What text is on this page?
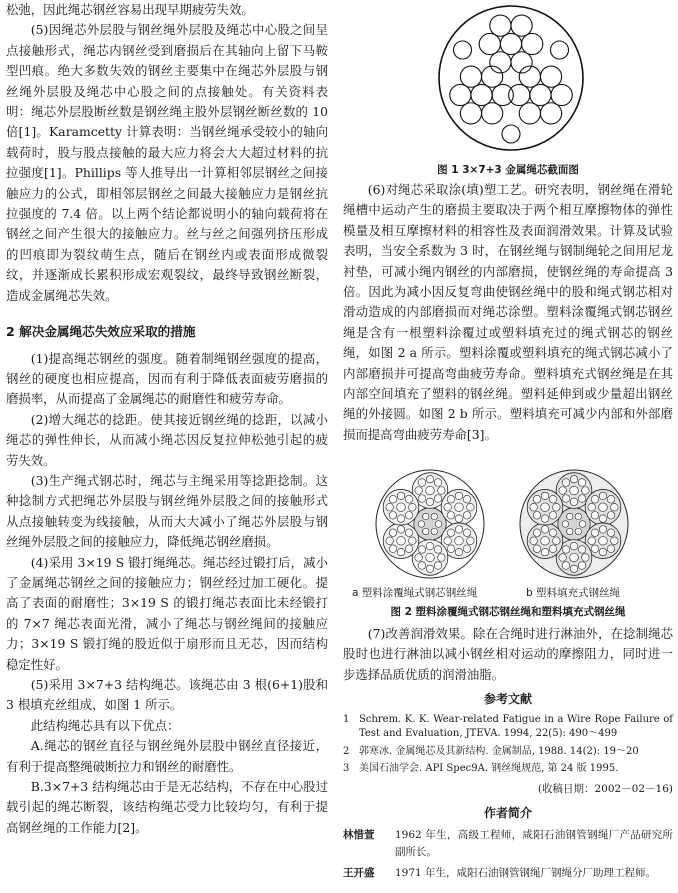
松弛，因此绳芯钢丝容易出现早期疲劳失效。

(5)因绳芯外层股与钢丝绳外层股及绳芯中心股之间呈点接触形式，绳芯内钢丝受到磨损后在其轴向上留下马鞍型凹痕。绝大多数失效的钢丝主要集中在绳芯外层股与钢丝绳外层股及绳芯中心股之间的点接触处。有关资料表明：绳芯外层股断丝数是钢丝绳主股外层钢丝断丝数的 10 倍[1]。Karamcetty 计算表明：当钢丝绳承受较小的轴向载荷时，股与股点接触的最大应力将会大大超过材料的抗拉强度[1]。Phillips 等人推导出一计算相邻层钢丝之间接触应力的公式，即相邻层钢丝之间最大接触应力是钢丝抗拉强度的 7.4 倍。以上两个结论都说明小的轴向载荷将在钢丝之间产生很大的接触应力。丝与丝之间强列挤压形成的凹痕即为裂纹萌生点，随后在钢丝内或表面形成微裂纹，并逐渐成长累积形成宏观裂纹，最终导致钢丝断裂，造成金属绳芯失效。

2 解决金属绳芯失效应采取的措施

(1)提高绳芯钢丝的强度。随着制绳钢丝强度的提高，钢丝的硬度也相应提高，因而有利于降低表面疲劳磨损的磨损率，从而提高了金属绳芯的耐磨性和疲劳寿命。

(2)增大绳芯的捻距。使其接近钢丝绳的捻距，以减小绳芯的弹性伸长，从而减小绳芯因反复拉伸松弛引起的疲劳失效。

(3)生产绳式钢芯时，绳芯与主绳采用等捻距捻制。这种捻制方式把绳芯外层股与钢丝绳外层股之间的接触形式从点接触转变为线接触，从而大大减小了绳芯外层股与钢丝绳外层股之间的接触应力，降低绳芯钢丝磨损。

(4)采用 3×19 S 锻打绳绳芯。绳芯经过锻打后，减小了金属绳芯钢丝之间的接触应力；钢丝经过加工硬化。提高了表面的耐磨性；3×19 S 的锻打绳芯表面比未经锻打的 7×7 绳芯表面光滑，减小了绳芯与钢丝绳间的接触应力；3×19 S 锻打绳的股近似于扇形而且无芯，因而结构稳定性好。

(5)采用 3×7+3 结构绳芯。该绳芯由 3 根(6+1)股和 3 根填充丝组成，如图 1 所示。

此结构绳芯具有以下优点：

A.绳芯的钢丝直径与钢丝绳外层股中钢丝直径接近，有利于提高整绳破断拉力和钢丝的耐磨性。

B.3×7+3 结构绳芯由于是无芯结构，不存在中心股过载引起的绳芯断裂，该结构绳芯受力比较均匀，有利于提高钢丝绳的工作能力[2]。

图 1 3×7+3 金属绳芯截面图

(6)对绳芯采取涂(填)塑工艺。研究表明，钢丝绳在滑轮绳槽中运动产生的磨损主要取决于两个相互摩擦物体的弹性模量及相互摩擦材料的相容性及表面润滑效果。计算及试验表明，当安全系数为 3 时，在钢丝绳与钢制绳轮之间用尼龙衬垫，可减小绳内钢丝的内部磨损，使钢丝绳的寿命提高 3 倍。因此为减小因反复弯曲使钢丝绳中的股和绳式钢芯相对滑动造成的内部磨损而对绳芯涂塑。塑料涂覆绳式钢芯钢丝绳是含有一根塑料涂覆过或塑料填充过的绳式钢芯的钢丝绳，如图 2 a 所示。塑料涂覆或塑料填充的绳式钢芯减小了内部磨损并可提高弯曲疲劳寿命。塑料填充式钢丝绳是在其内部空间填充了塑料的钢丝绳。塑料延伸到或少量超出钢丝绳的外接圆。如图 2 b 所示。塑料填充可减少内部和外部磨损而提高弯曲疲劳寿命[3]。

a 塑料涂覆绳式钢芯钢丝绳	b 塑料填充式钢丝绳
图 2 塑料涂覆绳式钢芯钢丝绳和塑料填充式钢丝绳

(7)改善润滑效果。除在合绳时进行淋油外，在捻制绳芯股时也进行淋油以减小钢丝相对运动的摩擦阻力，同时进一步选择品质优质的润滑油脂。

参考文献

1 Schrem. K. K. Wear-related Fatigue in a Wire Rope Failure of Test and Evaluation, JTEVA. 1994, 22(5): 490～499
2 郭寒冰. 金属绳芯及其新结构. 金属制品, 1988. 14(2): 19～20
3 美国石油学会. API Spec9A. 钢丝绳规范, 第 24 版 1995.

(收稿日期：2002－02－16)

作者简介

林惜萱	1962 年生，高级工程师，咸阳石油钢管钢绳厂产品研究所副所长。
王开盛	1971 年生，咸阳石油钢管钢绳厂钢绳分厂助理工程师。
